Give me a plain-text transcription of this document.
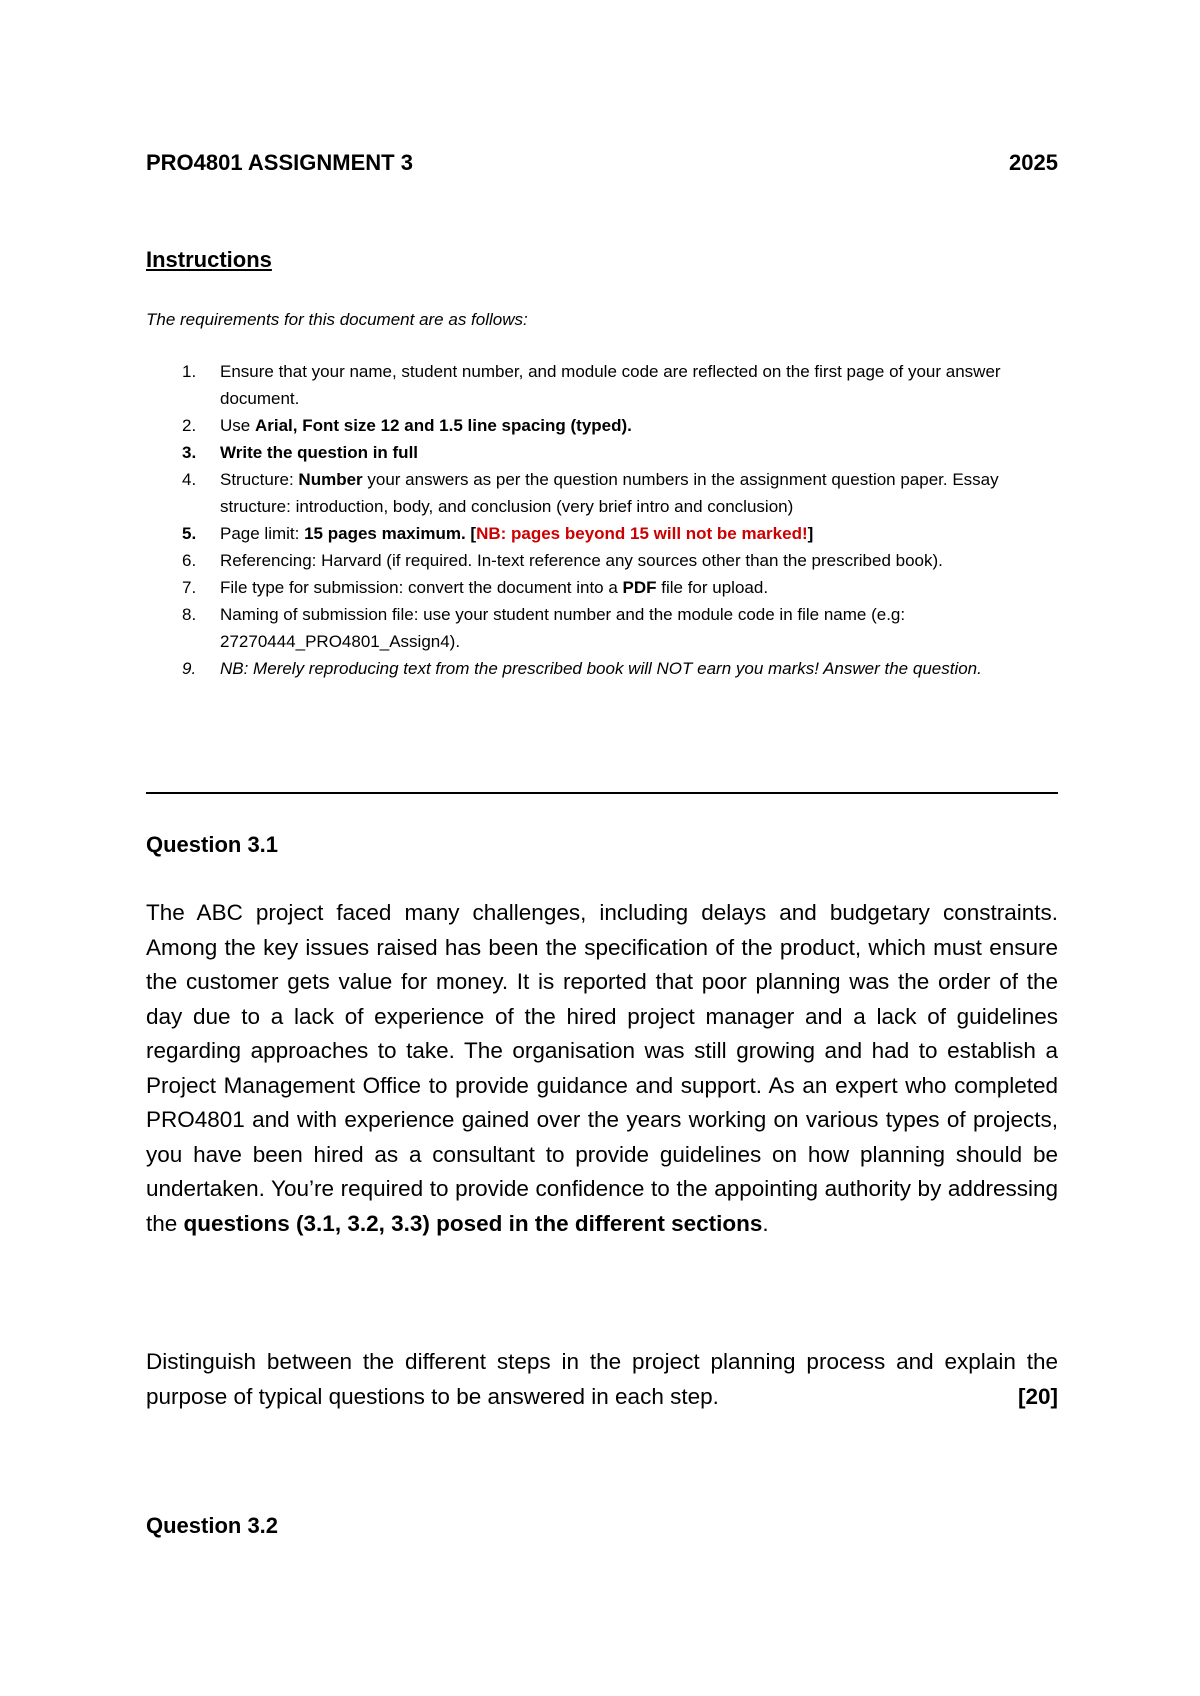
PRO4801 ASSIGNMENT 3	2025
Instructions
The requirements for this document are as follows:
1.	Ensure that your name, student number, and module code are reflected on the first page of your answer document.
2.	Use Arial, Font size 12 and 1.5 line spacing (typed).
3.	Write the question in full
4.	Structure: Number your answers as per the question numbers in the assignment question paper. Essay structure: introduction, body, and conclusion (very brief intro and conclusion)
5.	Page limit: 15 pages maximum. [NB: pages beyond 15 will not be marked!]
6.	Referencing: Harvard (if required. In-text reference any sources other than the prescribed book).
7.	File type for submission: convert the document into a PDF file for upload.
8.	Naming of submission file: use your student number and the module code in file name (e.g: 27270444_PRO4801_Assign4).
9.	NB: Merely reproducing text from the prescribed book will NOT earn you marks! Answer the question.
Question 3.1
The ABC project faced many challenges, including delays and budgetary constraints. Among the key issues raised has been the specification of the product, which must ensure the customer gets value for money. It is reported that poor planning was the order of the day due to a lack of experience of the hired project manager and a lack of guidelines regarding approaches to take. The organisation was still growing and had to establish a Project Management Office to provide guidance and support. As an expert who completed PRO4801 and with experience gained over the years working on various types of projects, you have been hired as a consultant to provide guidelines on how planning should be undertaken. You’re required to provide confidence to the appointing authority by addressing the questions (3.1, 3.2, 3.3) posed in the different sections.
Distinguish between the different steps in the project planning process and explain the purpose of typical questions to be answered in each step.	[20]
Question 3.2
